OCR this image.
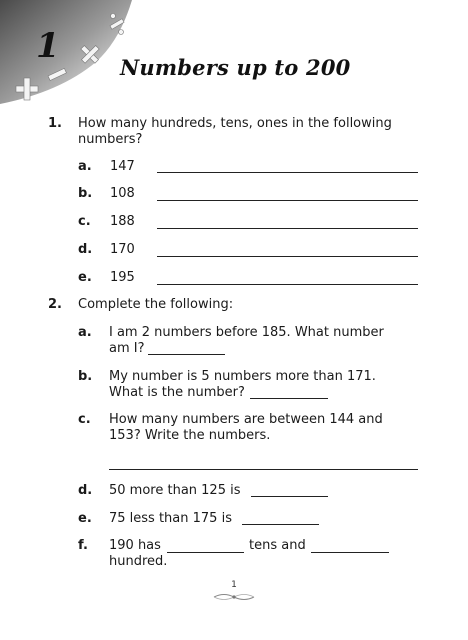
1
Numbers up to 200
1. How many hundreds, tens, ones in the following numbers?
a. 147
b. 108
c. 188
d. 170
e. 195
2. Complete the following:
a. I am 2 numbers before 185. What number
am I?
b. My number is 5 numbers more than 171.
What is the number?
c. How many numbers are between 144 and
153? Write the numbers.
d. 50 more than 125 is
e. 75 less than 175 is
f. 190 has	tens and
hundred.
1
